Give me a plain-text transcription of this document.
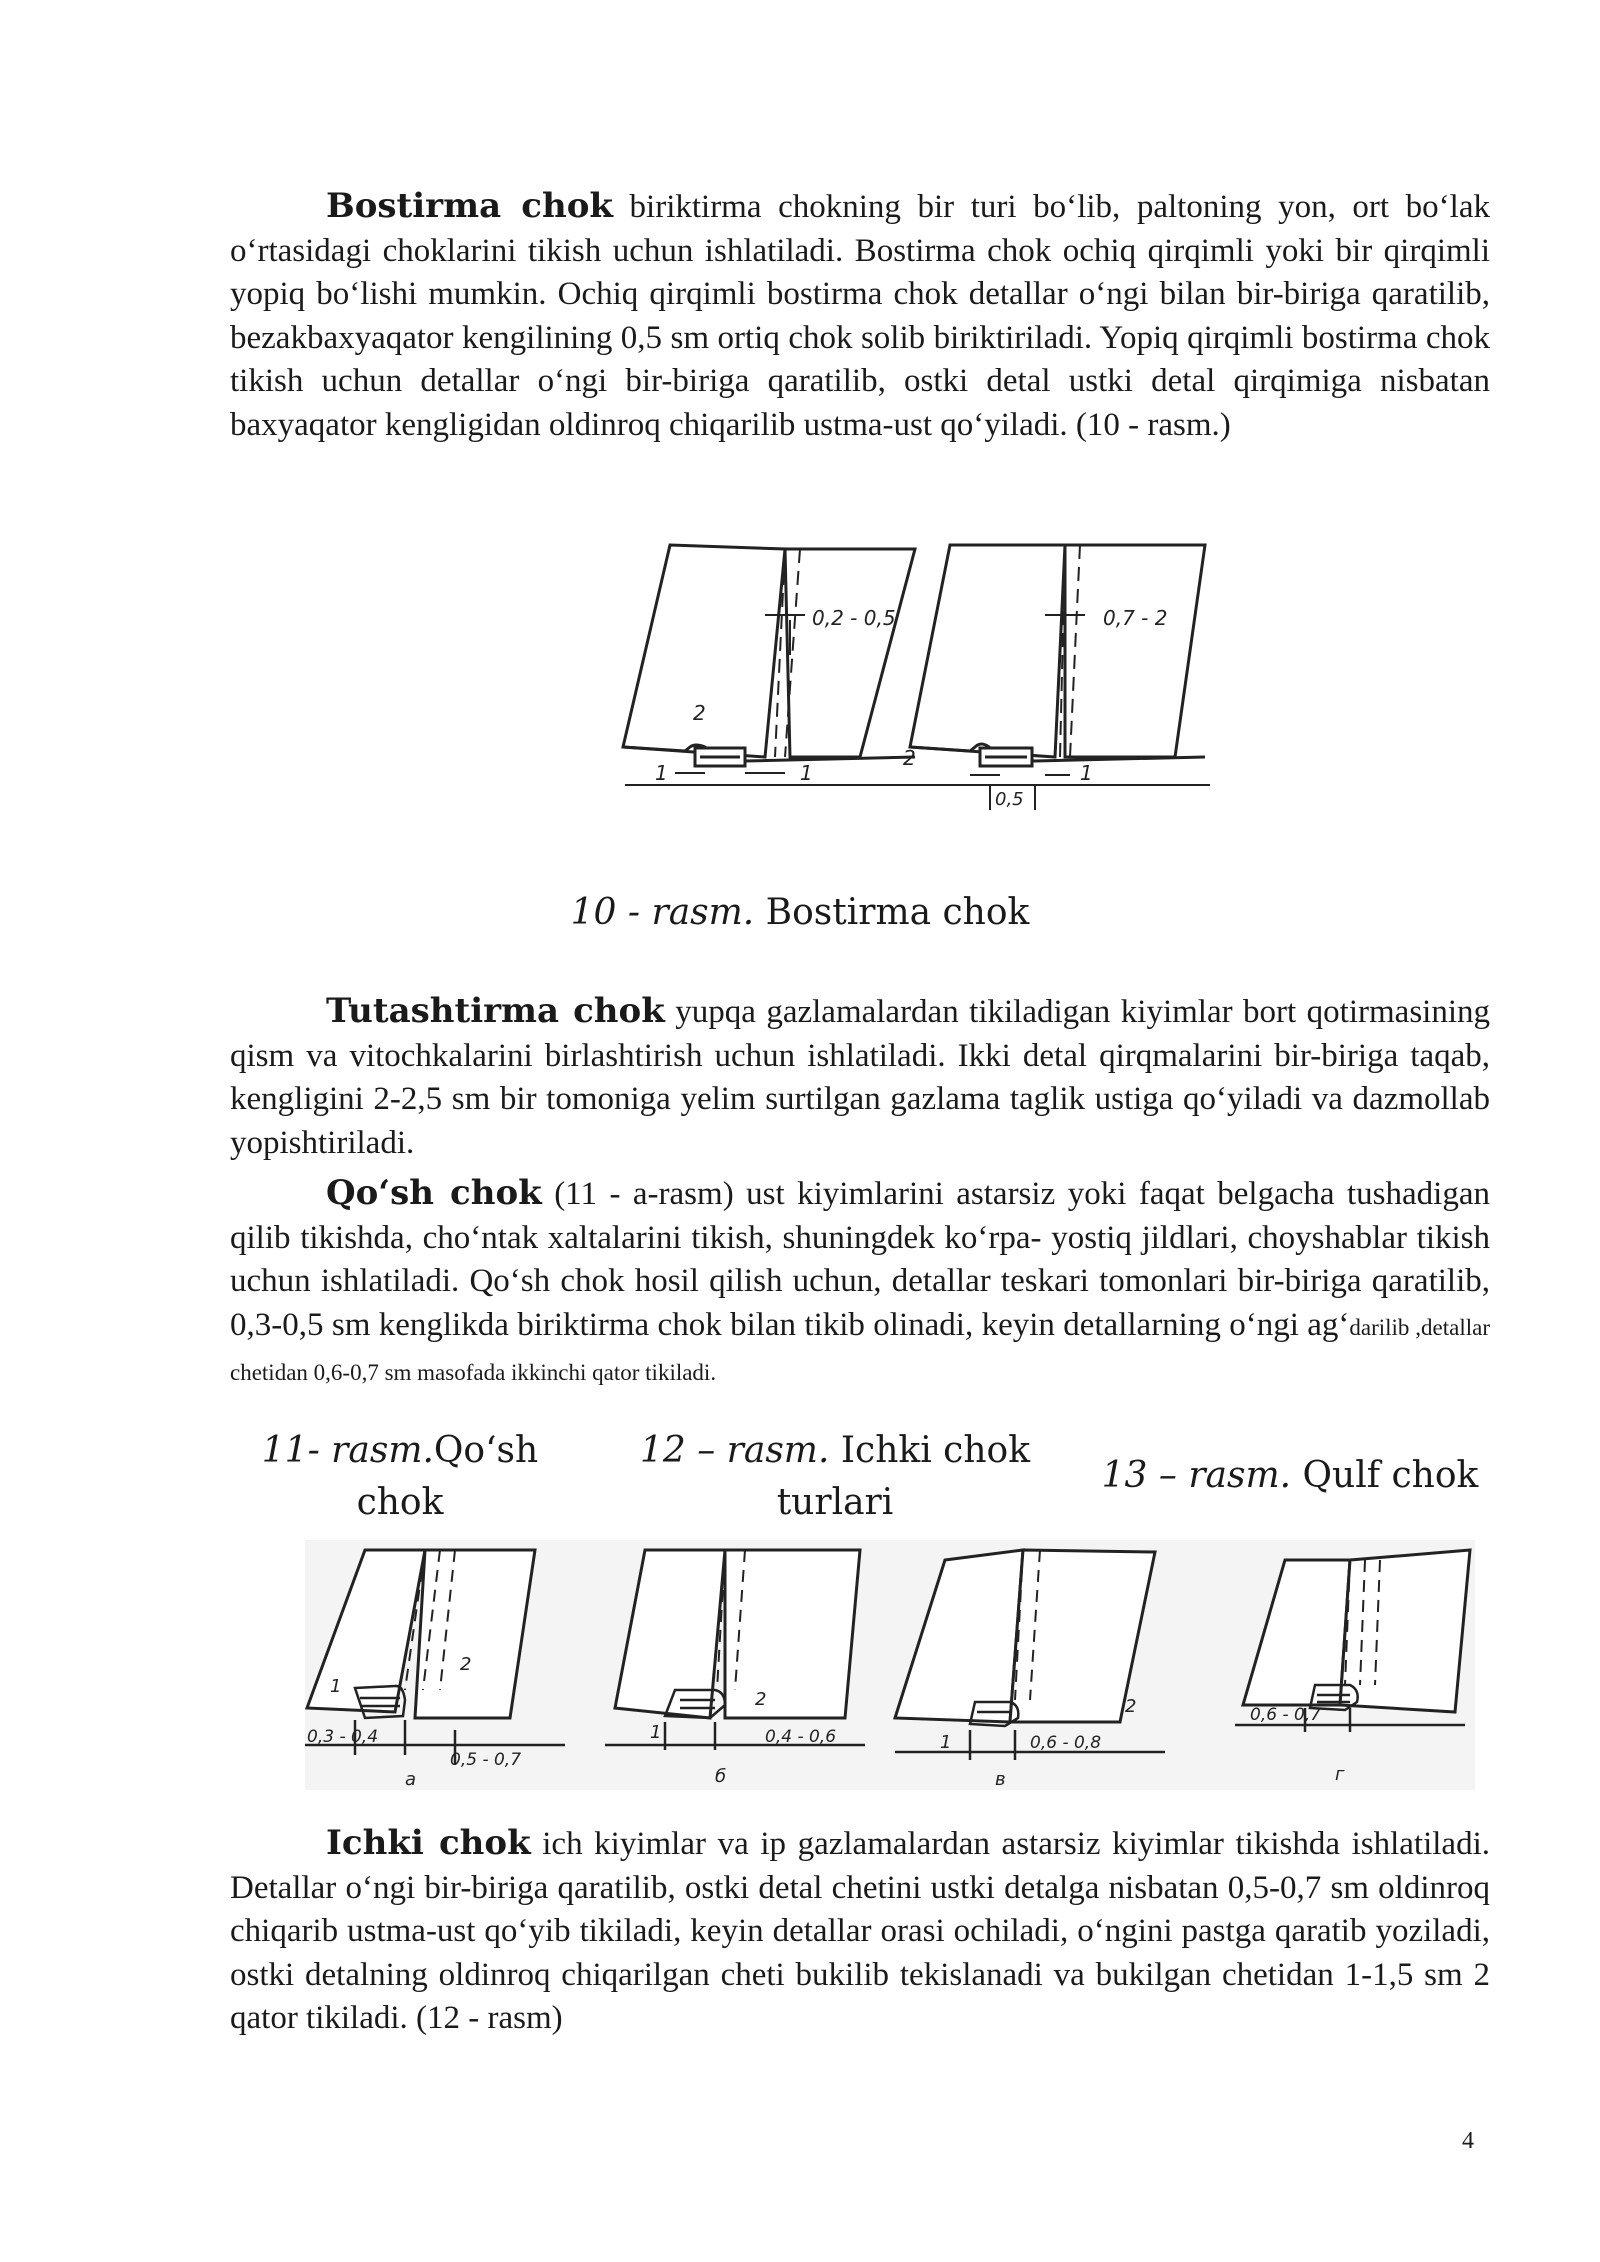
Bostirma chok biriktirma chokning bir turi bo‘lib, paltoning yon, ort bo‘lak o‘rtasidagi choklarini tikish uchun ishlatiladi. Bostirma chok ochiq qirqimli yoki bir qirqimli yopiq bo‘lishi mumkin. Ochiq qirqimli bostirma chok detallar o‘ngi bilan bir-biriga qaratilib, bezakbaxyaqator kengilining 0,5 sm ortiq chok solib biriktiriladi. Yopiq qirqimli bostirma chok tikish uchun detallar o‘ngi bir-biriga qaratilib, ostki detal ustki detal qirqimiga nisbatan baxyaqator kengligidan oldinroq chiqarilib ustma-ust qo‘yiladi. (10 - rasm.)

0,2 - 0,5	0,7 - 2
2
1	1
2
1
0,5

10 - rasm. Bostirma chok

Tutashtirma chok yupqa gazlamalardan tikiladigan kiyimlar bort qotirmasining qism va vitochkalarini birlashtirish uchun ishlatiladi. Ikki detal qirqmalarini bir-biriga taqab, kengligini 2-2,5 sm bir tomoniga yelim surtilgan gazlama taglik ustiga qo‘yiladi va dazmollab yopishtiriladi.

Qo‘sh chok (11 - a-rasm) ust kiyimlarini astarsiz yoki faqat belgacha tushadigan qilib tikishda, cho‘ntak xaltalarini tikish, shuningdek ko‘rpa- yostiq jildlari, choyshablar tikish uchun ishlatiladi. Qo‘sh chok hosil qilish uchun, detallar teskari tomonlari bir-biriga qaratilib, 0,3-0,5 sm kenglikda biriktirma chok bilan tikib olinadi, keyin detallarning o‘ngi ag‘darilib ,detallar chetidan 0,6-0,7 sm masofada ikkinchi qator tikiladi.

11- rasm.Qo‘sh chok

12 – rasm. Ichki chok turlari

13 – rasm. Qulf chok

0,3 - 0,4
0,5 - 0,7
1
2
a
0,4 - 0,6
1
2
б
0,6 - 0,8
1
2
в
0,6 - 0,7
г

Ichki chok ich kiyimlar va ip gazlamalardan astarsiz kiyimlar tikishda ishlatiladi. Detallar o‘ngi bir-biriga qaratilib, ostki detal chetini ustki detalga nisbatan 0,5-0,7 sm oldinroq chiqarib ustma-ust qo‘yib tikiladi, keyin detallar orasi ochiladi, o‘ngini pastga qaratib yoziladi, ostki detalning oldinroq chiqarilgan cheti bukilib tekislanadi va bukilgan chetidan 1-1,5 sm 2 qator tikiladi. (12 - rasm)

4
